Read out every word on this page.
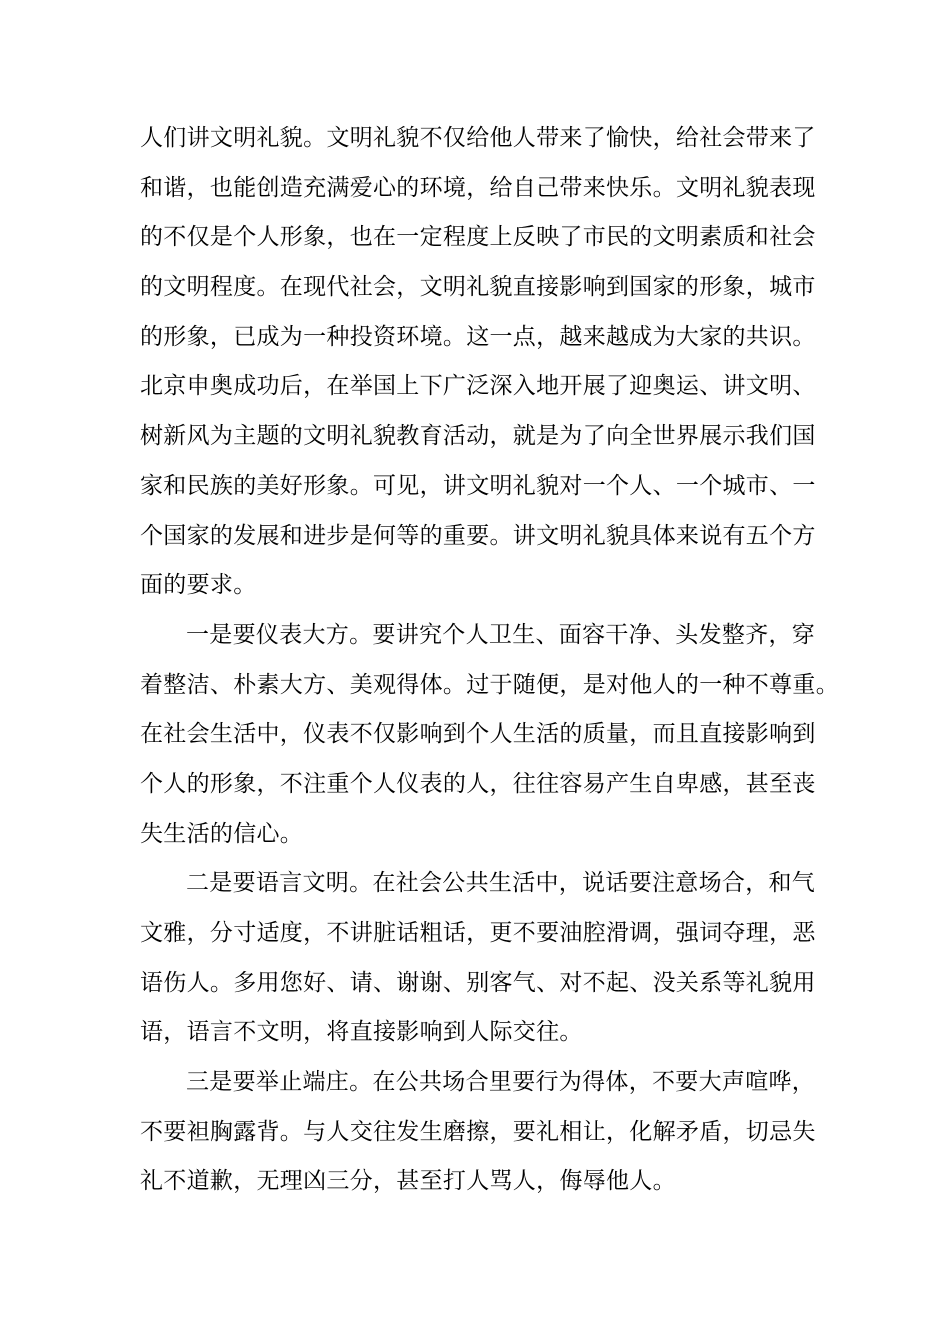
人们讲文明礼貌。文明礼貌不仅给他人带来了愉快，给社会带来了
和谐，也能创造充满爱心的环境，给自己带来快乐。文明礼貌表现
的不仅是个人形象，也在一定程度上反映了市民的文明素质和社会
的文明程度。在现代社会，文明礼貌直接影响到国家的形象，城市
的形象，已成为一种投资环境。这一点，越来越成为大家的共识。
北京申奥成功后，在举国上下广泛深入地开展了迎奥运、讲文明、
树新风为主题的文明礼貌教育活动，就是为了向全世界展示我们国
家和民族的美好形象。可见，讲文明礼貌对一个人、一个城市、一
个国家的发展和进步是何等的重要。讲文明礼貌具体来说有五个方
面的要求。
一是要仪表大方。要讲究个人卫生、面容干净、头发整齐，穿
着整洁、朴素大方、美观得体。过于随便，是对他人的一种不尊重。
在社会生活中，仪表不仅影响到个人生活的质量，而且直接影响到
个人的形象，不注重个人仪表的人，往往容易产生自卑感，甚至丧
失生活的信心。
二是要语言文明。在社会公共生活中，说话要注意场合，和气
文雅，分寸适度，不讲脏话粗话，更不要油腔滑调，强词夺理，恶
语伤人。多用您好、请、谢谢、别客气、对不起、没关系等礼貌用
语，语言不文明，将直接影响到人际交往。
三是要举止端庄。在公共场合里要行为得体，不要大声喧哗，
不要袒胸露背。与人交往发生磨擦，要礼相让，化解矛盾，切忌失
礼不道歉，无理凶三分，甚至打人骂人，侮辱他人。
